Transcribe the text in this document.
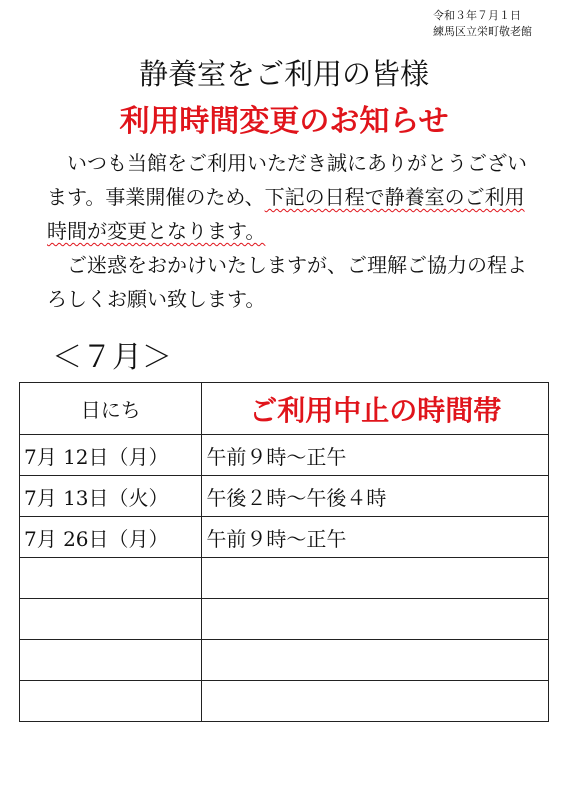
令和３年７月１日
練馬区立栄町敬老館
静養室をご利用の皆様
利用時間変更のお知らせ

いつも当館をご利用いただき誠にありがとうございます。事業開催のため、下記の日程で静養室のご利用時間が変更となります。

ご迷惑をおかけいたしますが、ご理解ご協力の程よろしくお願い致します。

＜７月＞
日にち	ご利用中止の時間帯
7月 12日（月）	午前９時～正午
7月 13日（火）	午後２時～午後４時
7月 26日（月）	午前９時～正午
